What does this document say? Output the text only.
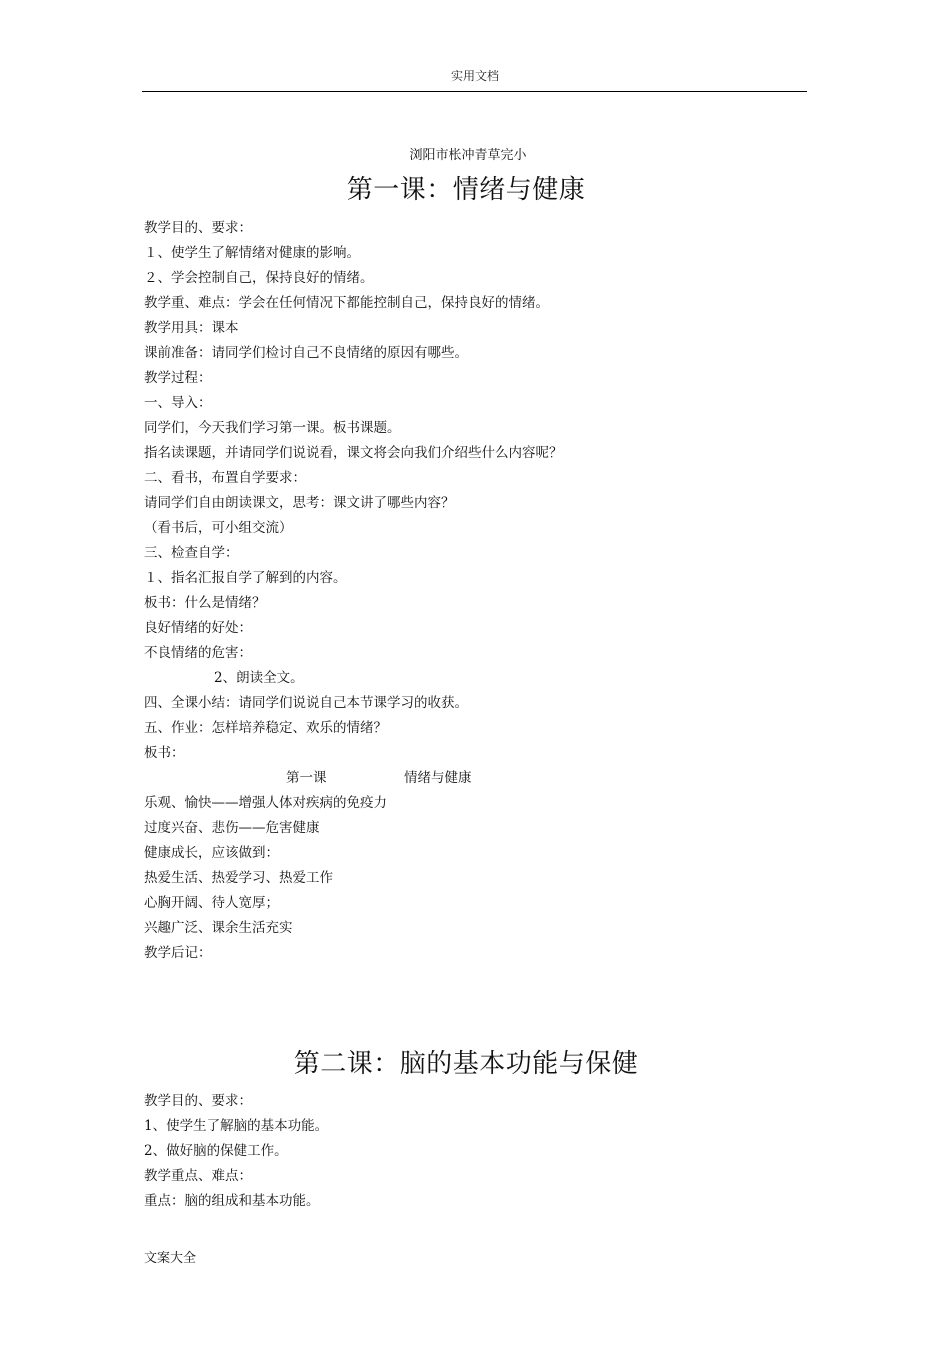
实用文档
浏阳市枨冲青草完小
第一课：情绪与健康
教学目的、要求：
１、使学生了解情绪对健康的影响。
２、学会控制自己，保持良好的情绪。
教学重、难点：学会在任何情况下都能控制自己，保持良好的情绪。
教学用具：课本
课前准备：请同学们检讨自己不良情绪的原因有哪些。
教学过程：
一、导入：
同学们，今天我们学习第一课。板书课题。
指名读课题，并请同学们说说看，课文将会向我们介绍些什么内容呢？
二、看书，布置自学要求：
请同学们自由朗读课文，思考：课文讲了哪些内容？
（看书后，可小组交流）
三、检查自学：
１、指名汇报自学了解到的内容。
板书：什么是情绪？
良好情绪的好处：
不良情绪的危害：
2、朗读全文。
四、全课小结：请同学们说说自己本节课学习的收获。
五、作业：怎样培养稳定、欢乐的情绪？
板书：
第一课	情绪与健康
乐观、愉快——增强人体对疾病的免疫力
过度兴奋、悲伤——危害健康
健康成长，应该做到：
热爱生活、热爱学习、热爱工作
心胸开阔、待人宽厚；
兴趣广泛、课余生活充实
教学后记：
第二课：脑的基本功能与保健
教学目的、要求：
1、使学生了解脑的基本功能。
2、做好脑的保健工作。
教学重点、难点：
重点：脑的组成和基本功能。
文案大全
